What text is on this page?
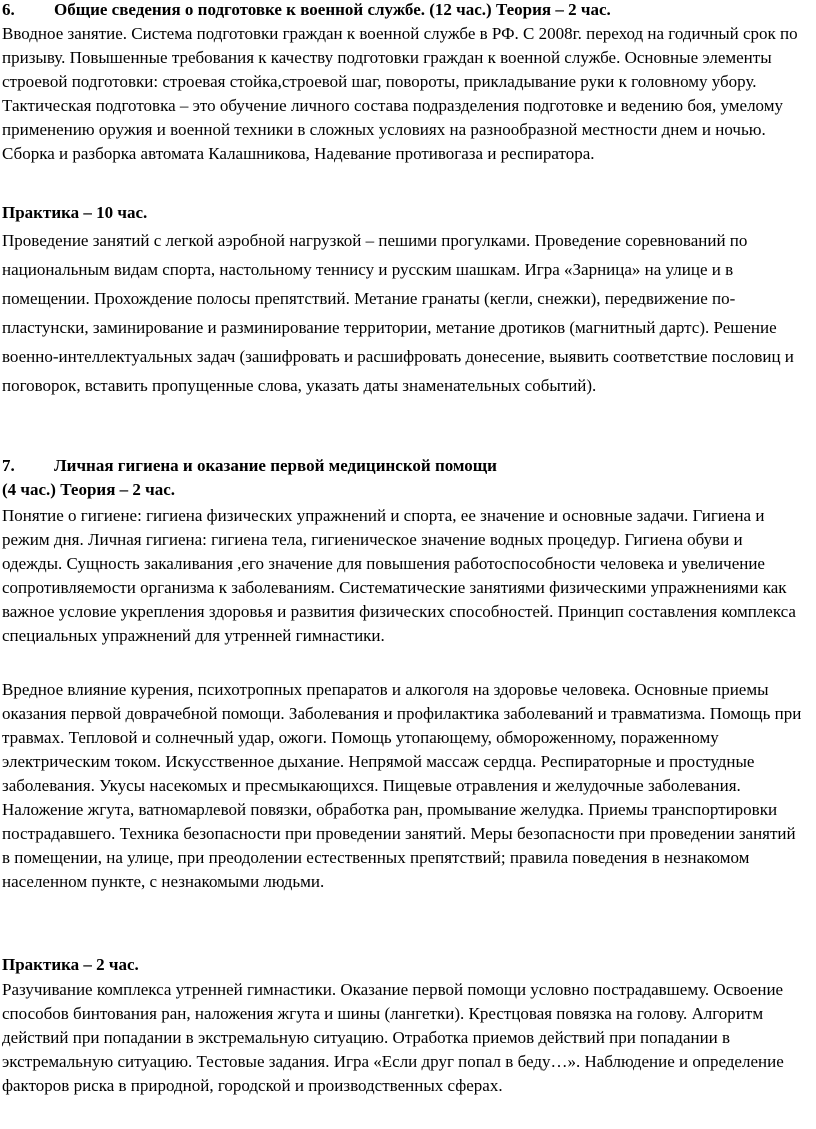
6. Общие сведения о подготовке к военной службе. (12 час.) Теория – 2 час.

Вводное занятие. Система подготовки граждан к военной службе в РФ. С 2008г. переход на годичный срок по призыву. Повышенные требования к качеству подготовки граждан к военной службе. Основные элементы строевой подготовки: строевая стойка,строевой шаг, повороты, прикладывание руки к головному убору. Тактическая подготовка – это обучение личного состава подразделения подготовке и ведению боя, умелому применению оружия и военной техники в сложных условиях на разнообразной местности днем и ночью. Сборка и разборка автомата Калашникова, Надевание противогаза и респиратора.

Практика – 10 час.

Проведение занятий с легкой аэробной нагрузкой – пешими прогулками. Проведение соревнований по национальным видам спорта, настольному теннису и русским шашкам. Игра «Зарница» на улице и в помещении. Прохождение полосы препятствий. Метание гранаты (кегли, снежки), передвижение по-пластунски, заминирование и разминирование территории, метание дротиков (магнитный дартс). Решение военно-интеллектуальных задач (зашифровать и расшифровать донесение, выявить соответствие пословиц и поговорок, вставить пропущенные слова, указать даты знаменательных событий).

7. Личная гигиена и оказание первой медицинской помощи
(4 час.) Теория – 2 час.

Понятие о гигиене: гигиена физических упражнений и спорта, ее значение и основные задачи. Гигиена и режим дня. Личная гигиена: гигиена тела, гигиеническое значение водных процедур. Гигиена обуви и одежды. Сущность закаливания ,его значение для повышения работоспособности человека и увеличение сопротивляемости организма к заболеваниям. Систематические занятиями физическими упражнениями как важное условие укрепления здоровья и развития физических способностей. Принцип составления комплекса специальных упражнений для утренней гимнастики.

Вредное влияние курения, психотропных препаратов и алкоголя на здоровье человека. Основные приемы оказания первой доврачебной помощи. Заболевания и профилактика заболеваний и травматизма. Помощь при травмах. Тепловой и солнечный удар, ожоги. Помощь утопающему, обмороженному, пораженному электрическим током. Искусственное дыхание. Непрямой массаж сердца. Респираторные и простудные заболевания. Укусы насекомых и пресмыкающихся. Пищевые отравления и желудочные заболевания. Наложение жгута, ватномарлевой повязки, обработка ран, промывание желудка. Приемы транспортировки пострадавшего. Техника безопасности при проведении занятий. Меры безопасности при проведении занятий в помещении, на улице, при преодолении естественных препятствий; правила поведения в незнакомом населенном пункте, с незнакомыми людьми.

Практика – 2 час.

Разучивание комплекса утренней гимнастики. Оказание первой помощи условно пострадавшему. Освоение способов бинтования ран, наложения жгута и шины (лангетки). Крестцовая повязка на голову. Алгоритм действий при попадании в экстремальную ситуацию. Отработка приемов действий при попадании в экстремальную ситуацию. Тестовые задания. Игра «Если друг попал в беду…». Наблюдение и определение факторов риска в природной, городской и производственных сферах.
